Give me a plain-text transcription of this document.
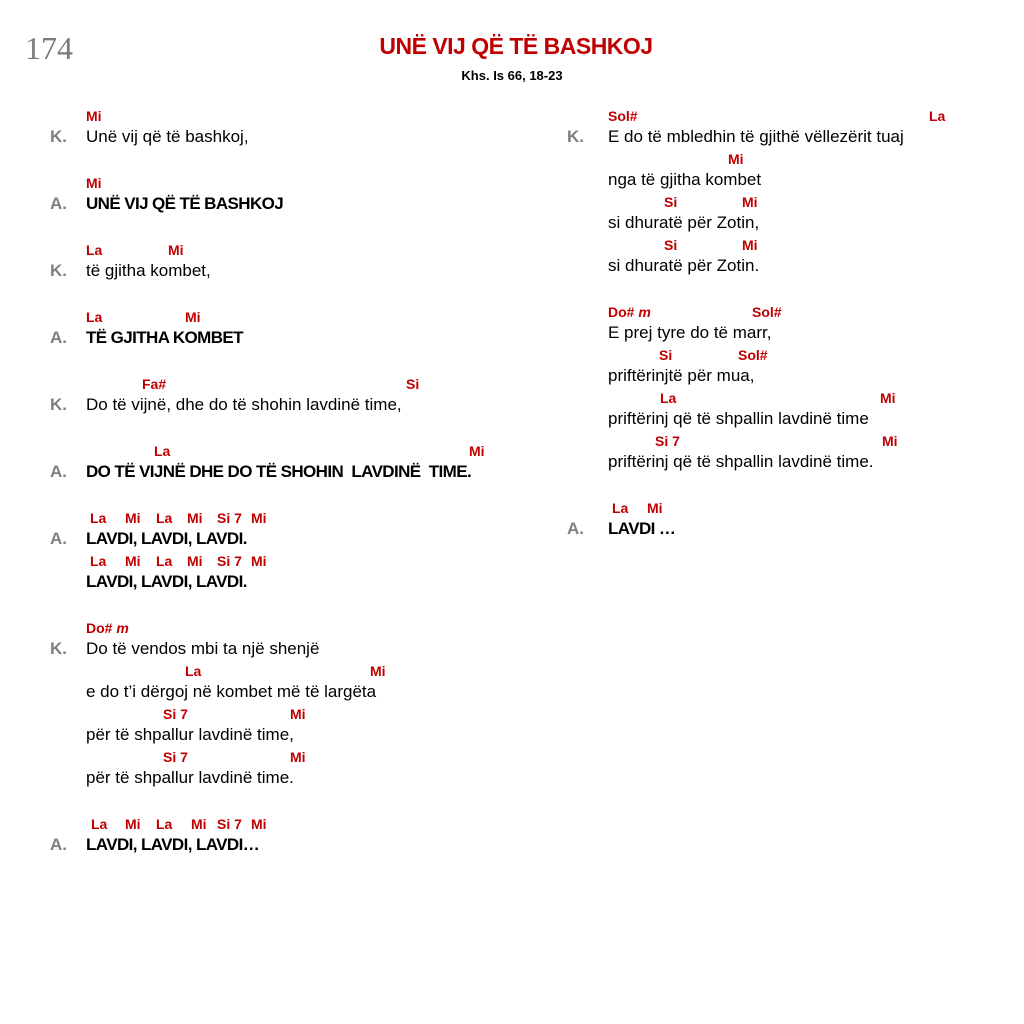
174	UNË VIJ QË TË BASHKOJ
Khs. Is 66, 18-23
Mi
K. Unë vij që të bashkoj,
Mi
A. UNË VIJ QË TË BASHKOJ
La	Mi
K. të gjitha kombet,
La	Mi
A. TË GJITHA KOMBET
Fa#	Si
K. Do të vijnë, dhe do të shohin lavdinë time,
La	Mi
A. DO TË VIJNË DHE DO TË SHOHIN  LAVDINË  TIME.
La Mi La Mi Si 7 Mi
A. LAVDI, LAVDI, LAVDI.
La Mi La Mi Si 7 Mi
LAVDI, LAVDI, LAVDI.
Do# m
K. Do të vendos mbi ta një shenjë
La	Mi
e do t’i dërgoj në kombet më të largëta
Si 7	Mi
për të shpallur lavdinë time,
Si 7	Mi
për të shpallur lavdinë time.
La Mi La Mi Si 7 Mi
A. LAVDI, LAVDI, LAVDI…
Sol#	La
K. E do të mbledhin të gjithë vëllezërit tuaj
Mi
nga të gjitha kombet
Si	Mi
si dhuratë për Zotin,
Si	Mi
si dhuratë për Zotin.
Do# m	Sol#
E prej tyre do të marr,
Si	Sol#
priftërinjtë për mua,
La	Mi
priftërinj që të shpallin lavdinë time
Si 7	Mi
priftërinj që të shpallin lavdinë time.
La Mi
A. LAVDI …
